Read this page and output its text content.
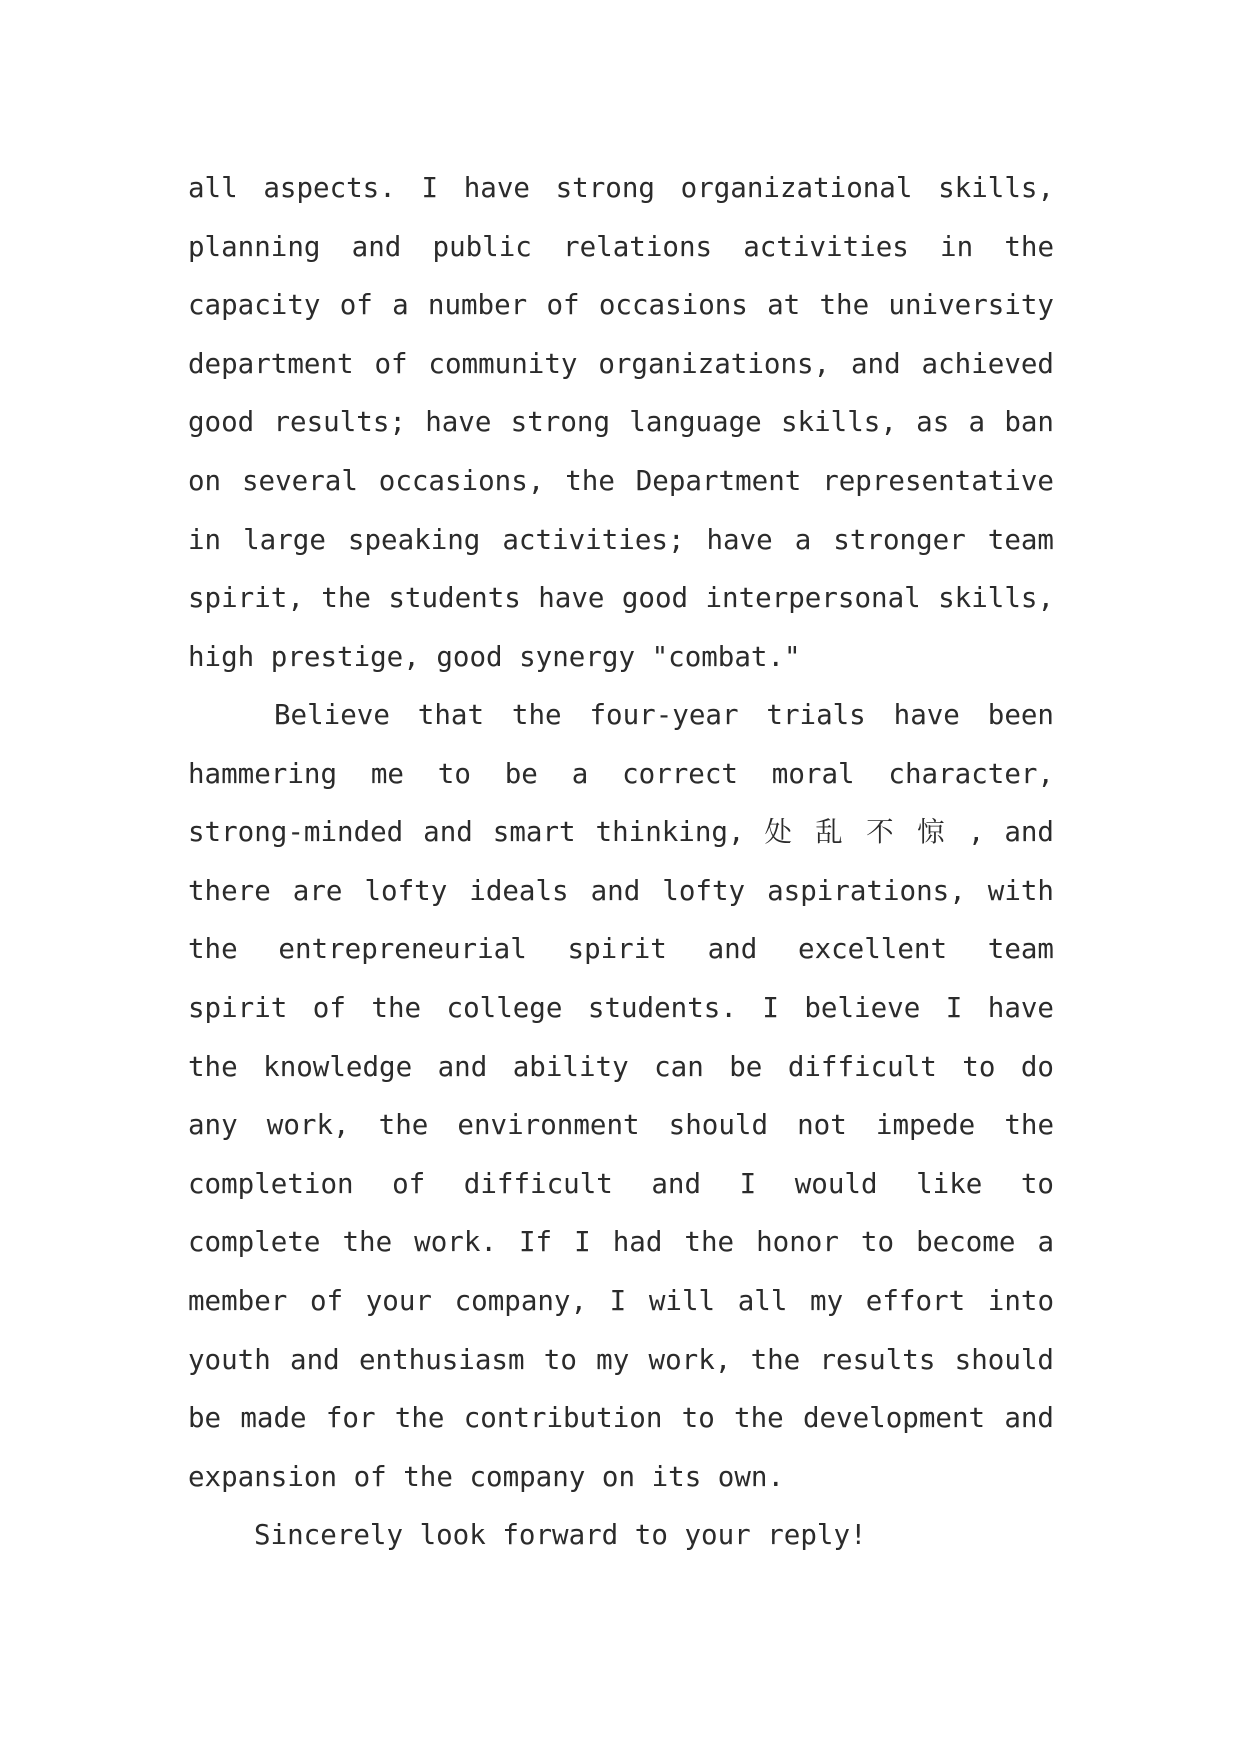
all aspects. I have strong organizational skills,
planning and public relations activities in the
capacity of a number of occasions at the university
department of community organizations, and achieved
good results; have strong language skills, as a ban
on several occasions, the Department representative
in large speaking activities; have a stronger team
spirit, the students have good interpersonal skills,
high prestige, good synergy "combat."
Believe that the four-year trials have been
hammering me to be a correct moral character,
strong-minded and smart thinking, 处 乱 不 惊 , and
there are lofty ideals and lofty aspirations, with
the entrepreneurial spirit and excellent team
spirit of the college students. I believe I have
the knowledge and ability can be difficult to do
any work, the environment should not impede the
completion of difficult and I would like to
complete the work. If I had the honor to become a
member of your company, I will all my effort into
youth and enthusiasm to my work, the results should
be made for the contribution to the development and
expansion of the company on its own.
Sincerely look forward to your reply!
